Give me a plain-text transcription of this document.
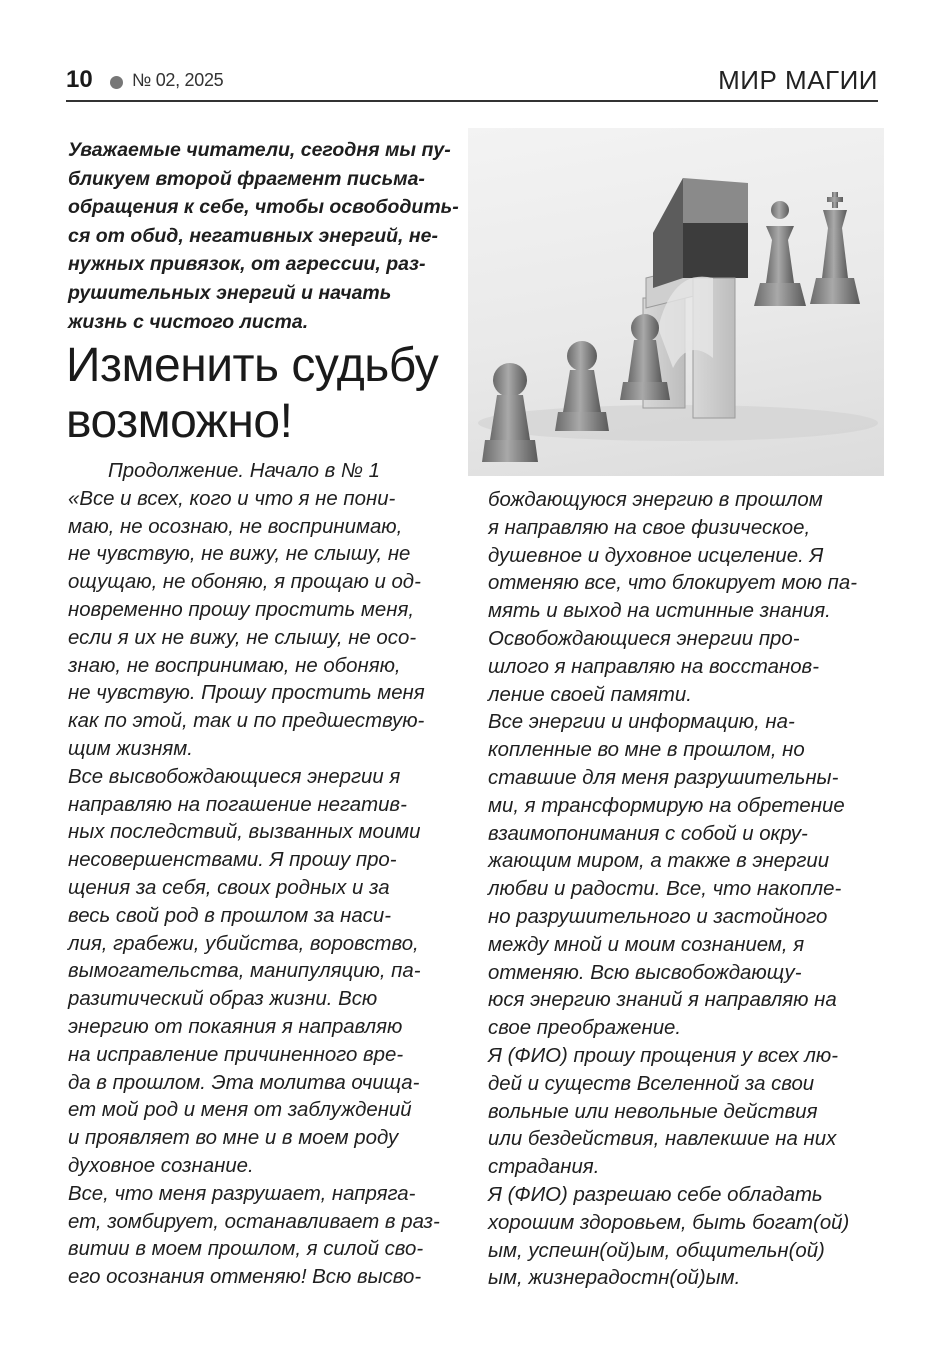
10 № 02, 2025	МИР МАГИИ
Уважаемые читатели, сегодня мы пу-
бликуем второй фрагмент письма-
обращения к себе, чтобы освободить-
ся от обид, негативных энергий, не-
нужных привязок, от агрессии, раз-
рушительных энергий и начать
жизнь с чистого листа.
Изменить судьбу
возможно!
Продолжение. Начало в № 1
«Все и всех, кого и что я не пони-
маю, не осознаю, не воспринимаю,
не чувствую, не вижу, не слышу, не
ощущаю, не обоняю, я прощаю и од-
новременно прошу простить меня,
если я их не вижу, не слышу, не осо-
знаю, не воспринимаю, не обоняю,
не чувствую. Прошу простить меня
как по этой, так и по предшествую-
щим жизням.
Все высвобождающиеся энергии я
направляю на погашение негатив-
ных последствий, вызванных моими
несовершенствами. Я прошу про-
щения за себя, своих родных и за
весь свой род в прошлом за наси-
лия, грабежи, убийства, воровство,
вымогательства, манипуляцию, па-
разитический образ жизни. Всю
энергию от покаяния я направляю
на исправление причиненного вре-
да в прошлом. Эта молитва очища-
ет мой род и меня от заблуждений
и проявляет во мне и в моем роду
духовное сознание.
Все, что меня разрушает, напряга-
ет, зомбирует, останавливает в раз-
витии в моем прошлом, я силой сво-
его осознания отменяю! Всю высво-
бождающуюся энергию в прошлом
я направляю на свое физическое,
душевное и духовное исцеление. Я
отменяю все, что блокирует мою па-
мять и выход на истинные знания.
Освобождающиеся энергии про-
шлого я направляю на восстанов-
ление своей памяти.
Все энергии и информацию, на-
копленные во мне в прошлом, но
ставшие для меня разрушительны-
ми, я трансформирую на обретение
взаимопонимания с собой и окру-
жающим миром, а также в энергии
любви и радости. Все, что накопле-
но разрушительного и застойного
между мной и моим сознанием, я
отменяю. Всю высвобождающу-
юся энергию знаний я направляю на
свое преображение.
Я (ФИО) прошу прощения у всех лю-
дей и существ Вселенной за свои
вольные или невольные действия
или бездействия, навлекшие на них
страдания.
Я (ФИО) разрешаю себе обладать
хорошим здоровьем, быть богат(ой)
ым, успешн(ой)ым, общительн(ой)
ым, жизнерадостн(ой)ым.
